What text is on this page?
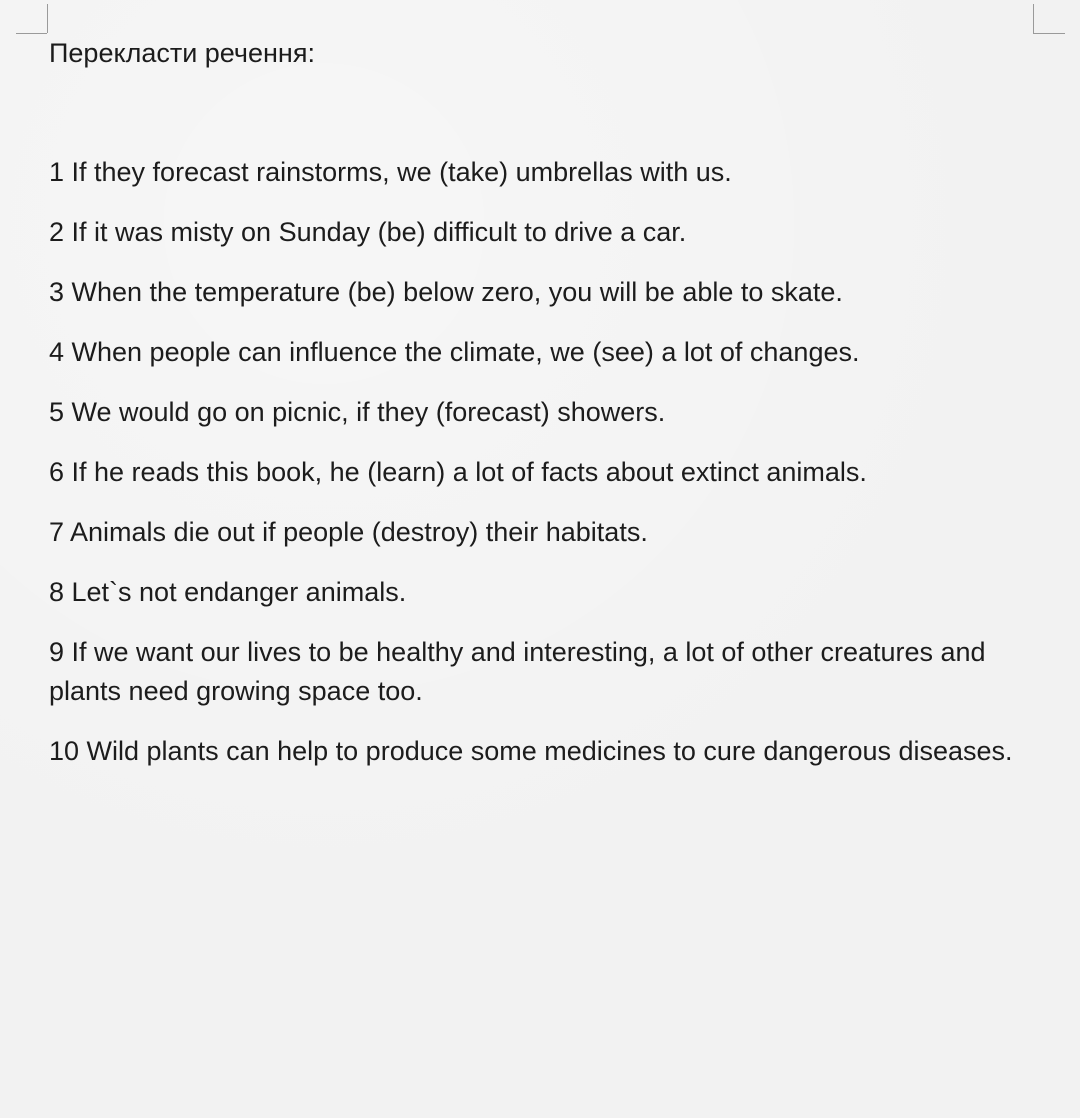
Перекласти речення:

1 If they forecast rainstorms, we (take) umbrellas with us.

2 If it was misty on Sunday (be) difficult to drive a car.

3 When the temperature (be) below zero, you will be able to skate.

4 When people can influence the climate, we (see) a lot of changes.

5 We would go on picnic, if they (forecast) showers.

6 If he reads this book, he (learn) a lot of facts about extinct animals.

7 Animals die out if people (destroy) their habitats.

8 Let`s not endanger animals.

9 If we want our lives to be healthy and interesting, a lot of other creatures and plants need growing space too.

10 Wild plants can help to produce some medicines to cure dangerous diseases.
